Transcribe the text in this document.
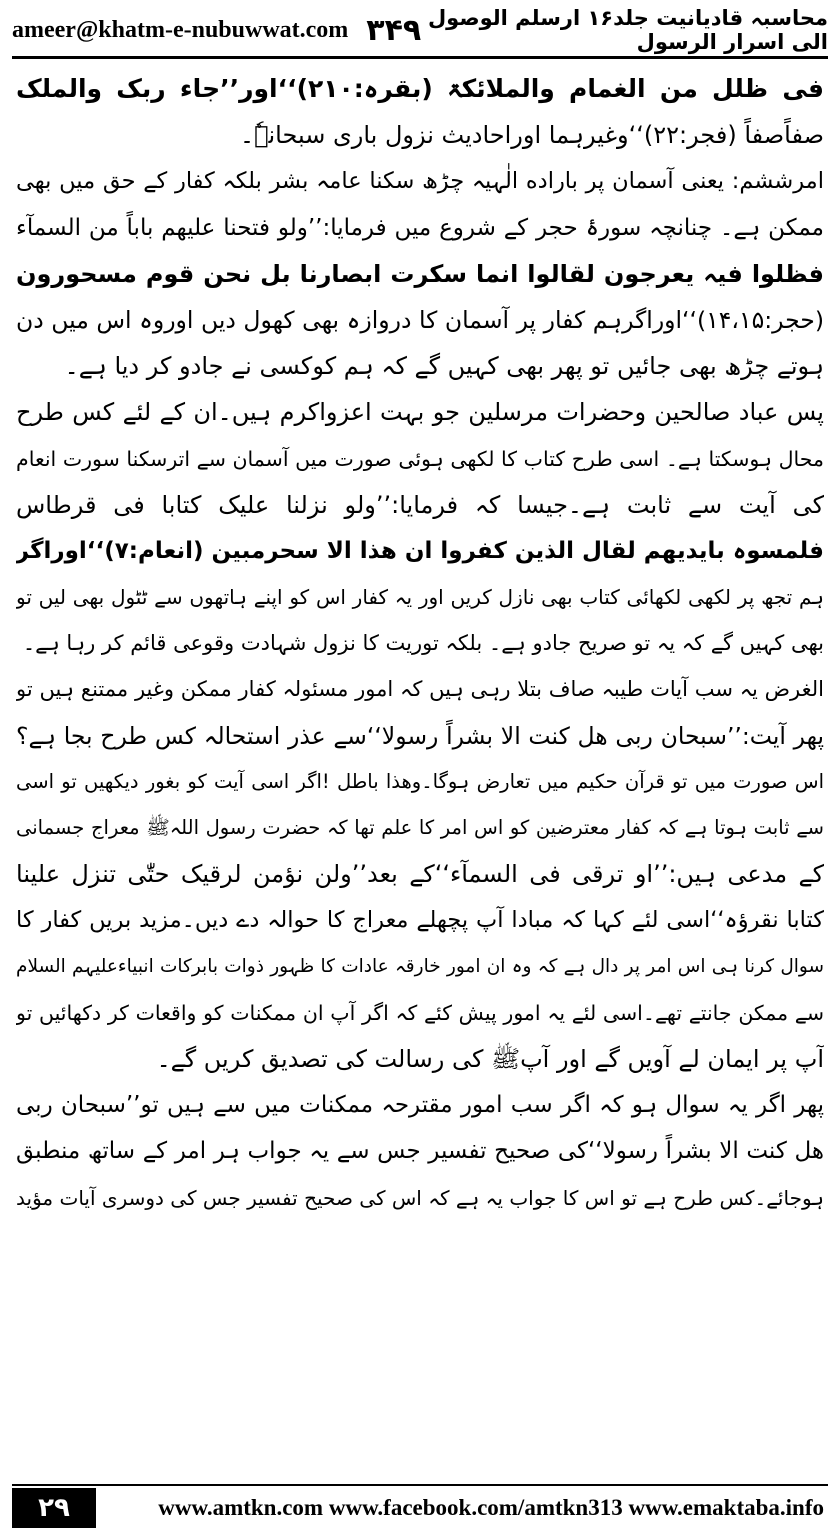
ameer@khatm-e-nubuwwat.com ۳۴۹ محاسبہ قادیانیت جلد۱۶ ارسلم الوصول الی اسرار الرسول
فی ظلل من الغمام والملائکۃ (بقرہ:۲۱۰)‘‘اور’’جاء ربک والملک
صفاًصفاً (فجر:۲۲)‘‘وغیرہما اوراحادیث نزول باری سبحانہٗ۔
امرششم: یعنی آسمان پر باراده الٰہیہ چڑھ سکنا عامہ بشر بلکہ کفار کے حق میں بھی
ممکن ہے۔ چنانچہ سورۂ حجر کے شروع میں فرمایا:’’ولو فتحنا علیھم باباً من السمآء
فظلوا فیہ یعرجون لقالوا انما سکرت ابصارنا بل نحن قوم مسحورون
(حجر:۱۴،۱۵)‘‘اوراگرہم کفار پر آسمان کا دروازہ بھی کھول دیں اوروہ اس میں دن
ہوتے چڑھ بھی جائیں تو پھر بھی کہیں گے کہ ہم کوکسی نے جادو کر دیا ہے۔
پس عباد صالحین وحضرات مرسلین جو بہت اعزواکرم ہیں۔ان کے لئے کس طرح
محال ہوسکتا ہے۔ اسی طرح کتاب کا لکھی ہوئی صورت میں آسمان سے اترسکنا سورت انعام
کی آیت سے ثابت ہے۔جیسا کہ فرمایا:’’ولو نزلنا علیک کتابا فی قرطاس
فلمسوہ بایدیھم لقال الذین کفروا ان ھذا الا سحرمبین (انعام:۷)‘‘اوراگر
ہم تجھ پر لکھی لکھائی کتاب بھی نازل کریں اور یہ کفار اس کو اپنے ہاتھوں سے ٹٹول بھی لیں تو
بھی کہیں گے کہ یہ تو صریح جادو ہے۔ بلکہ توریت کا نزول شہادت وقوعی قائم کر رہا ہے۔
الغرض یہ سب آیات طیبہ صاف بتلا رہی ہیں کہ امور مسئولہ کفار ممکن وغیر ممتنع ہیں تو
پھر آیت:’’سبحان ربی ھل کنت الا بشراً رسولا‘‘سے عذر استحالہ کس طرح بجا ہے؟
اس صورت میں تو قرآن حکیم میں تعارض ہوگا۔وھذا باطل !اگر اسی آیت کو بغور دیکھیں تو اسی
سے ثابت ہوتا ہے کہ کفار معترضین کو اس امر کا علم تھا کہ حضرت رسول اللہﷺ معراج جسمانی
کے مدعی ہیں:’’او ترقی فی السمآء‘‘کے بعد’’ولن نؤمن لرقیک حتّٰی تنزل علینا
کتابا نقرؤہ‘‘اسی لئے کہا کہ مبادا آپ پچھلے معراج کا حوالہ دے دیں۔مزید بریں کفار کا
سوال کرنا ہی اس امر پر دال ہے کہ وہ ان امور خارقہ عادات کا ظہور ذوات بابرکات انبیاءعلیہم السلام
سے ممکن جانتے تھے۔اسی لئے یہ امور پیش کئے کہ اگر آپ ان ممکنات کو واقعات کر دکھائیں تو
آپ پر ایمان لے آویں گے اور آپﷺ کی رسالت کی تصدیق کریں گے۔
پھر اگر یہ سوال ہو کہ اگر سب امور مقترحہ ممکنات میں سے ہیں تو’’سبحان ربی
ھل کنت الا بشراً رسولا‘‘کی صحیح تفسیر جس سے یہ جواب ہر امر کے ساتھ منطبق
ہوجائے۔کس طرح ہے تو اس کا جواب یہ ہے کہ اس کی صحیح تفسیر جس کی دوسری آیات مؤید
۲۹	www.amtkn.com www.facebook.com/amtkn313 www.emaktaba.info
